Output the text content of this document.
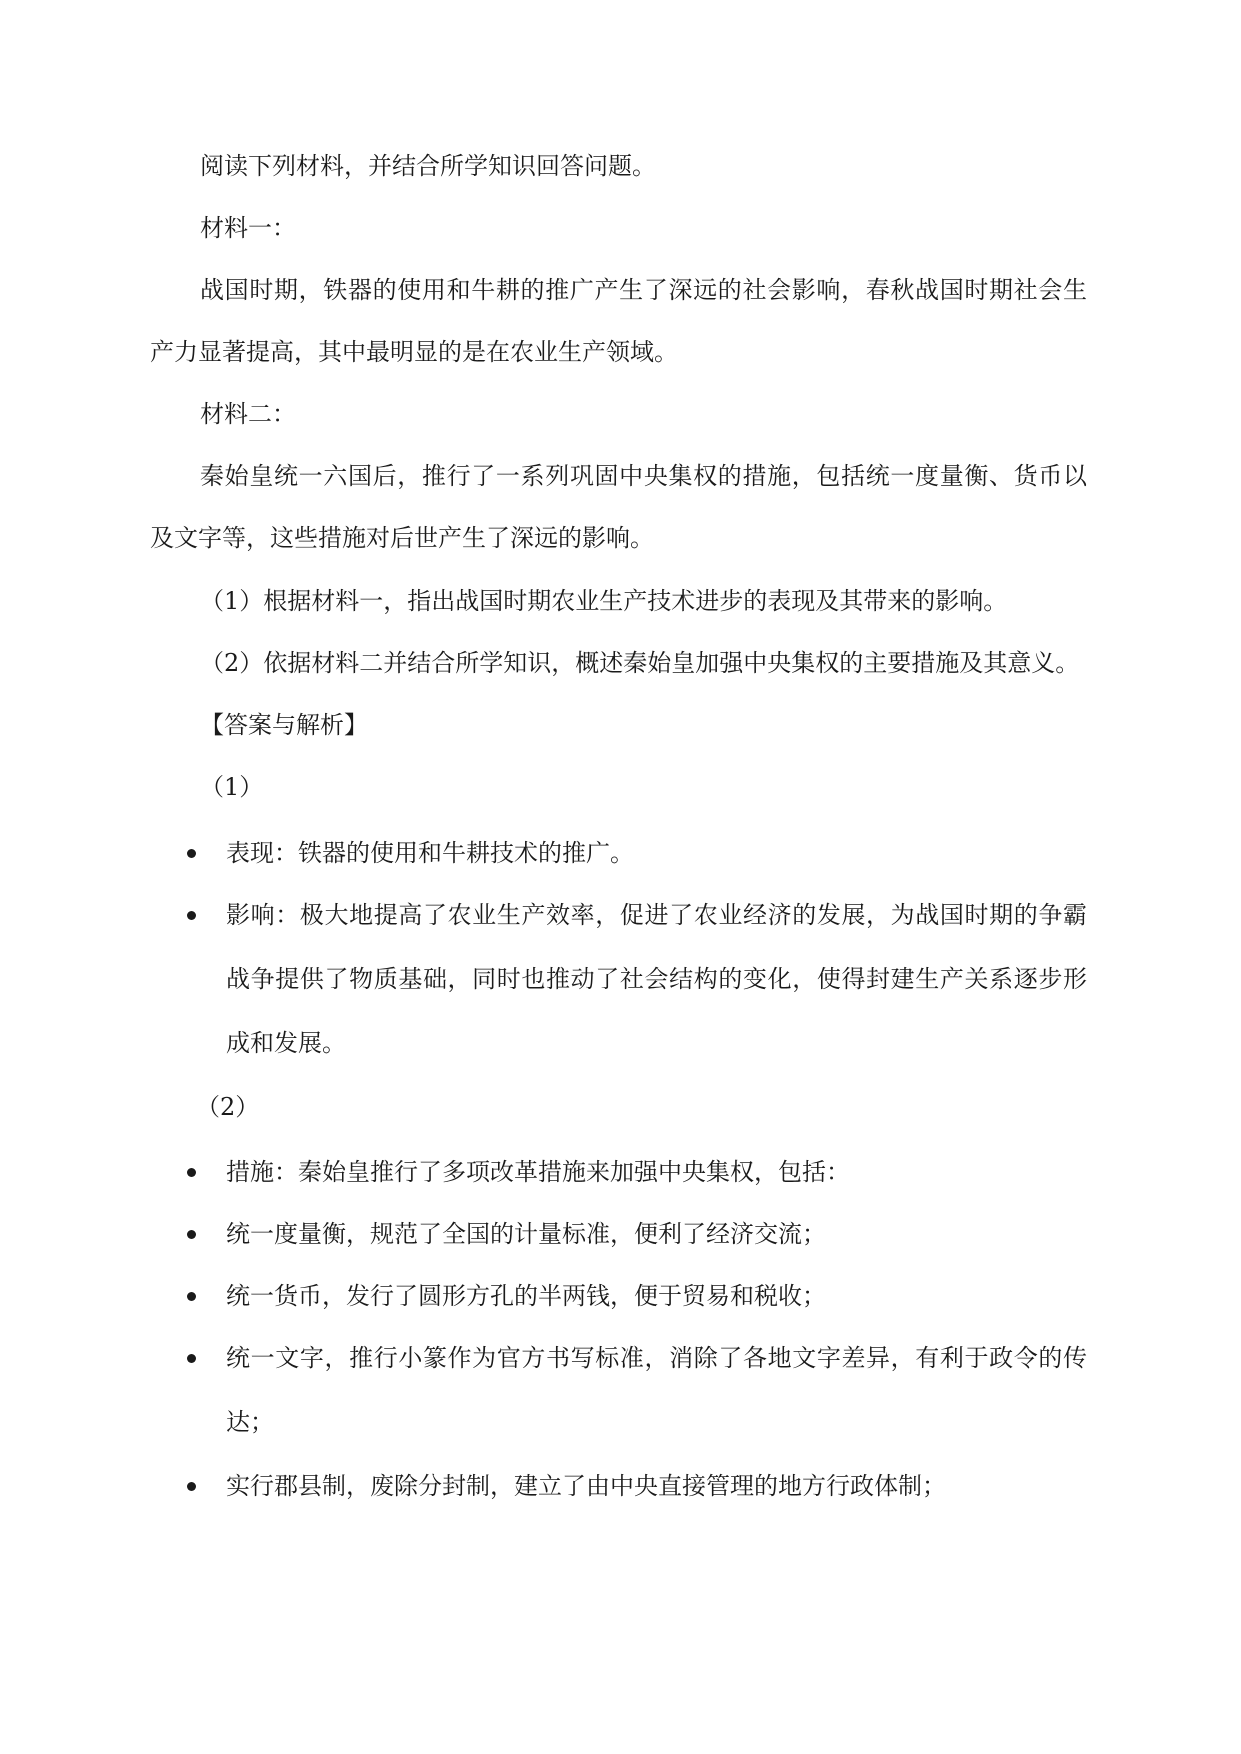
阅读下列材料，并结合所学知识回答问题。
材料一：
战国时期，铁器的使用和牛耕的推广产生了深远的社会影响，春秋战国时期社会生
产力显著提高，其中最明显的是在农业生产领域。
材料二：
秦始皇统一六国后，推行了一系列巩固中央集权的措施，包括统一度量衡、货币以
及文字等，这些措施对后世产生了深远的影响。
（1）根据材料一，指出战国时期农业生产技术进步的表现及其带来的影响。
（2）依据材料二并结合所学知识，概述秦始皇加强中央集权的主要措施及其意义。
【答案与解析】
（1）
表现：铁器的使用和牛耕技术的推广。
影响：极大地提高了农业生产效率，促进了农业经济的发展，为战国时期的争霸
战争提供了物质基础，同时也推动了社会结构的变化，使得封建生产关系逐步形
成和发展。
（2）
措施：秦始皇推行了多项改革措施来加强中央集权，包括：
统一度量衡，规范了全国的计量标准，便利了经济交流；
统一货币，发行了圆形方孔的半两钱，便于贸易和税收；
统一文字，推行小篆作为官方书写标准，消除了各地文字差异，有利于政令的传
达；
实行郡县制，废除分封制，建立了由中央直接管理的地方行政体制；
